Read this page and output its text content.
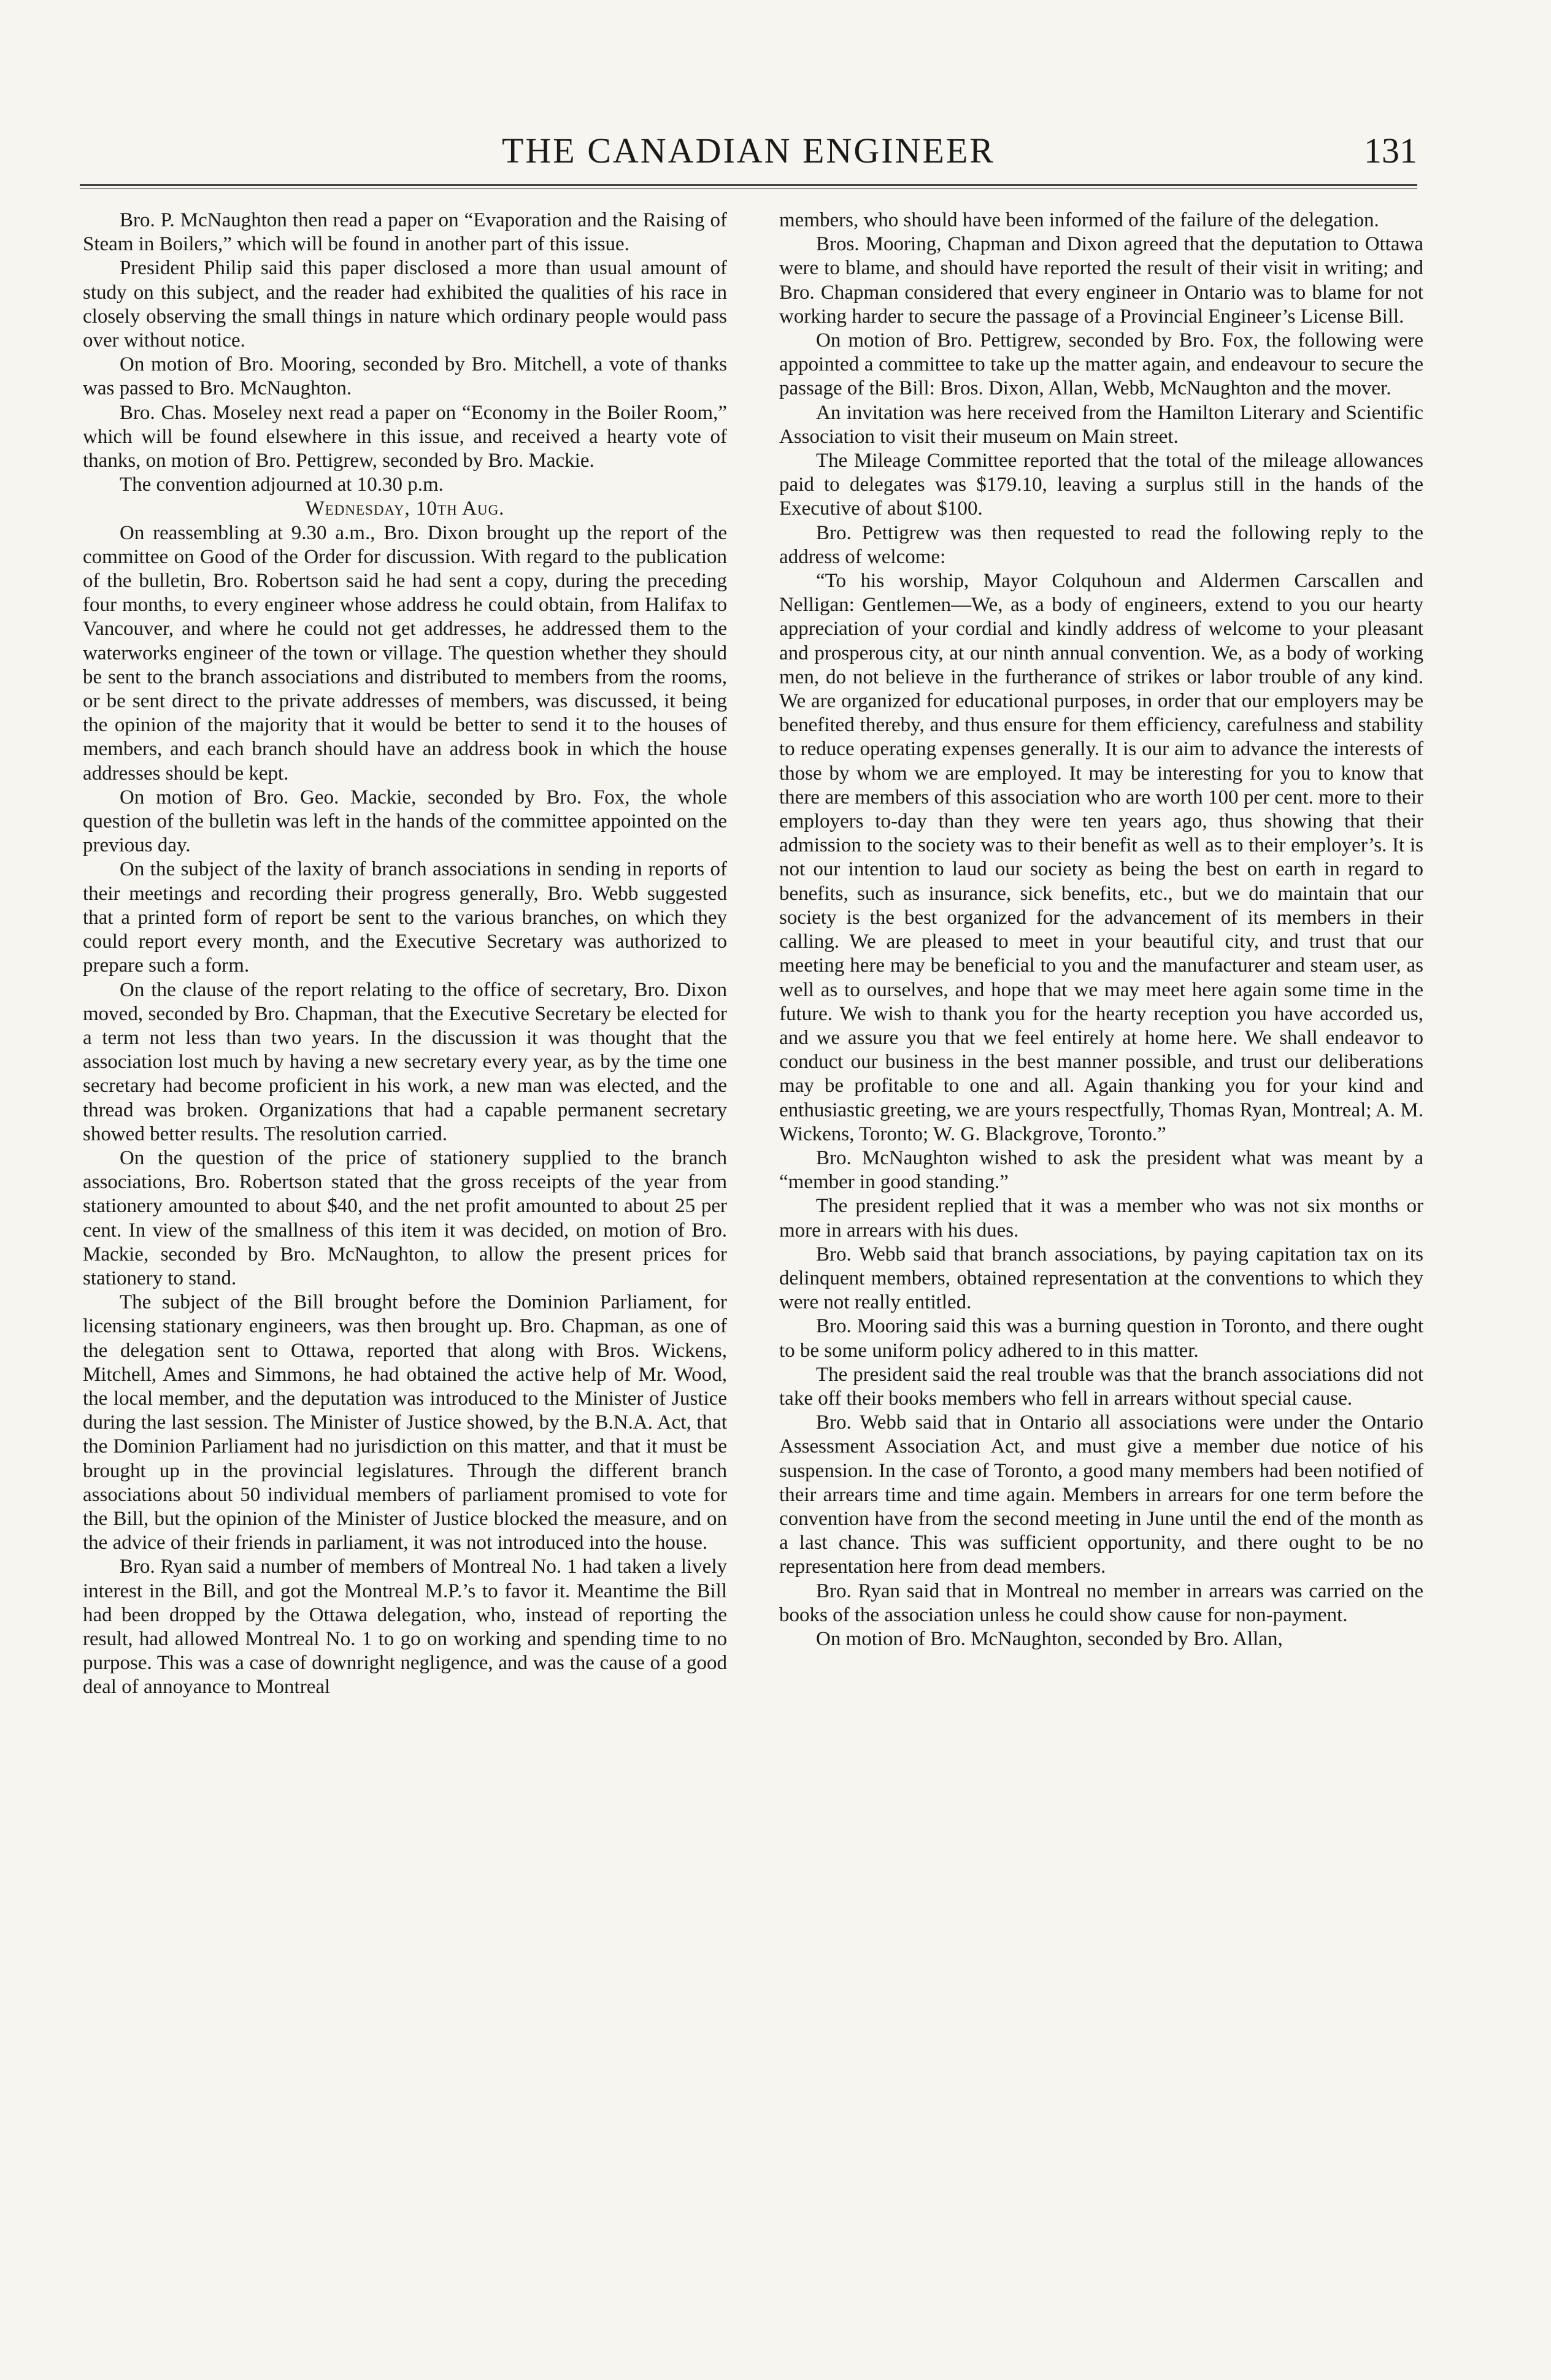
THE CANADIAN ENGINEER	131

Bro. P. McNaughton then read a paper on “Evaporation and the Raising of Steam in Boilers,” which will be found in another part of this issue.

President Philip said this paper disclosed a more than usual amount of study on this subject, and the reader had exhibited the qualities of his race in closely observing the small things in nature which ordinary people would pass over without notice.

On motion of Bro. Mooring, seconded by Bro. Mitchell, a vote of thanks was passed to Bro. McNaughton.

Bro. Chas. Moseley next read a paper on “Economy in the Boiler Room,” which will be found elsewhere in this issue, and received a hearty vote of thanks, on motion of Bro. Pettigrew, seconded by Bro. Mackie.

The convention adjourned at 10.30 p.m.

Wednesday, 10th Aug.

On reassembling at 9.30 a.m., Bro. Dixon brought up the report of the committee on Good of the Order for discussion. With regard to the publication of the bulletin, Bro. Robertson said he had sent a copy, during the preceding four months, to every engineer whose address he could obtain, from Halifax to Vancouver, and where he could not get addresses, he addressed them to the waterworks engineer of the town or village. The question whether they should be sent to the branch associations and distributed to members from the rooms, or be sent direct to the private addresses of members, was discussed, it being the opinion of the majority that it would be better to send it to the houses of members, and each branch should have an address book in which the house addresses should be kept.

On motion of Bro. Geo. Mackie, seconded by Bro. Fox, the whole question of the bulletin was left in the hands of the committee appointed on the previous day.

On the subject of the laxity of branch associations in sending in reports of their meetings and recording their progress generally, Bro. Webb suggested that a printed form of report be sent to the various branches, on which they could report every month, and the Executive Secretary was authorized to prepare such a form.

On the clause of the report relating to the office of secretary, Bro. Dixon moved, seconded by Bro. Chapman, that the Executive Secretary be elected for a term not less than two years. In the discussion it was thought that the association lost much by having a new secretary every year, as by the time one secretary had become proficient in his work, a new man was elected, and the thread was broken. Organizations that had a capable permanent secretary showed better results. The resolution carried.

On the question of the price of stationery supplied to the branch associations, Bro. Robertson stated that the gross receipts of the year from stationery amounted to about $40, and the net profit amounted to about 25 per cent. In view of the smallness of this item it was decided, on motion of Bro. Mackie, seconded by Bro. McNaughton, to allow the present prices for stationery to stand.

The subject of the Bill brought before the Dominion Parliament, for licensing stationary engineers, was then brought up. Bro. Chapman, as one of the delegation sent to Ottawa, reported that along with Bros. Wickens, Mitchell, Ames and Simmons, he had obtained the active help of Mr. Wood, the local member, and the deputation was introduced to the Minister of Justice during the last session. The Minister of Justice showed, by the B.N.A. Act, that the Dominion Parliament had no jurisdiction on this matter, and that it must be brought up in the provincial legislatures. Through the different branch associations about 50 individual members of parliament promised to vote for the Bill, but the opinion of the Minister of Justice blocked the measure, and on the advice of their friends in parliament, it was not introduced into the house.

Bro. Ryan said a number of members of Montreal No. 1 had taken a lively interest in the Bill, and got the Montreal M.P.’s to favor it. Meantime the Bill had been dropped by the Ottawa delegation, who, instead of reporting the result, had allowed Montreal No. 1 to go on working and spending time to no purpose. This was a case of downright negligence, and was the cause of a good deal of annoyance to Montreal

members, who should have been informed of the failure of the delegation.

Bros. Mooring, Chapman and Dixon agreed that the deputation to Ottawa were to blame, and should have reported the result of their visit in writing; and Bro. Chapman considered that every engineer in Ontario was to blame for not working harder to secure the passage of a Provincial Engineer’s License Bill.

On motion of Bro. Pettigrew, seconded by Bro. Fox, the following were appointed a committee to take up the matter again, and endeavour to secure the passage of the Bill: Bros. Dixon, Allan, Webb, McNaughton and the mover.

An invitation was here received from the Hamilton Literary and Scientific Association to visit their museum on Main street.

The Mileage Committee reported that the total of the mileage allowances paid to delegates was $179.10, leaving a surplus still in the hands of the Executive of about $100.

Bro. Pettigrew was then requested to read the following reply to the address of welcome:

“To his worship, Mayor Colquhoun and Aldermen Carscallen and Nelligan: Gentlemen—We, as a body of engineers, extend to you our hearty appreciation of your cordial and kindly address of welcome to your pleasant and prosperous city, at our ninth annual convention. We, as a body of working men, do not believe in the furtherance of strikes or labor trouble of any kind. We are organized for educational purposes, in order that our employers may be benefited thereby, and thus ensure for them efficiency, carefulness and stability to reduce operating expenses generally. It is our aim to advance the interests of those by whom we are employed. It may be interesting for you to know that there are members of this association who are worth 100 per cent. more to their employers to-day than they were ten years ago, thus showing that their admission to the society was to their benefit as well as to their employer’s. It is not our intention to laud our society as being the best on earth in regard to benefits, such as insurance, sick benefits, etc., but we do maintain that our society is the best organized for the advancement of its members in their calling. We are pleased to meet in your beautiful city, and trust that our meeting here may be beneficial to you and the manufacturer and steam user, as well as to ourselves, and hope that we may meet here again some time in the future. We wish to thank you for the hearty reception you have accorded us, and we assure you that we feel entirely at home here. We shall endeavor to conduct our business in the best manner possible, and trust our deliberations may be profitable to one and all. Again thanking you for your kind and enthusiastic greeting, we are yours respectfully, Thomas Ryan, Montreal; A. M. Wickens, Toronto; W. G. Blackgrove, Toronto.”

Bro. McNaughton wished to ask the president what was meant by a “member in good standing.”

The president replied that it was a member who was not six months or more in arrears with his dues.

Bro. Webb said that branch associations, by paying capitation tax on its delinquent members, obtained representation at the conventions to which they were not really entitled.

Bro. Mooring said this was a burning question in Toronto, and there ought to be some uniform policy adhered to in this matter.

The president said the real trouble was that the branch associations did not take off their books members who fell in arrears without special cause.

Bro. Webb said that in Ontario all associations were under the Ontario Assessment Association Act, and must give a member due notice of his suspension. In the case of Toronto, a good many members had been notified of their arrears time and time again. Members in arrears for one term before the convention have from the second meeting in June until the end of the month as a last chance. This was sufficient opportunity, and there ought to be no representation here from dead members.

Bro. Ryan said that in Montreal no member in arrears was carried on the books of the association unless he could show cause for non-payment.

On motion of Bro. McNaughton, seconded by Bro. Allan,
